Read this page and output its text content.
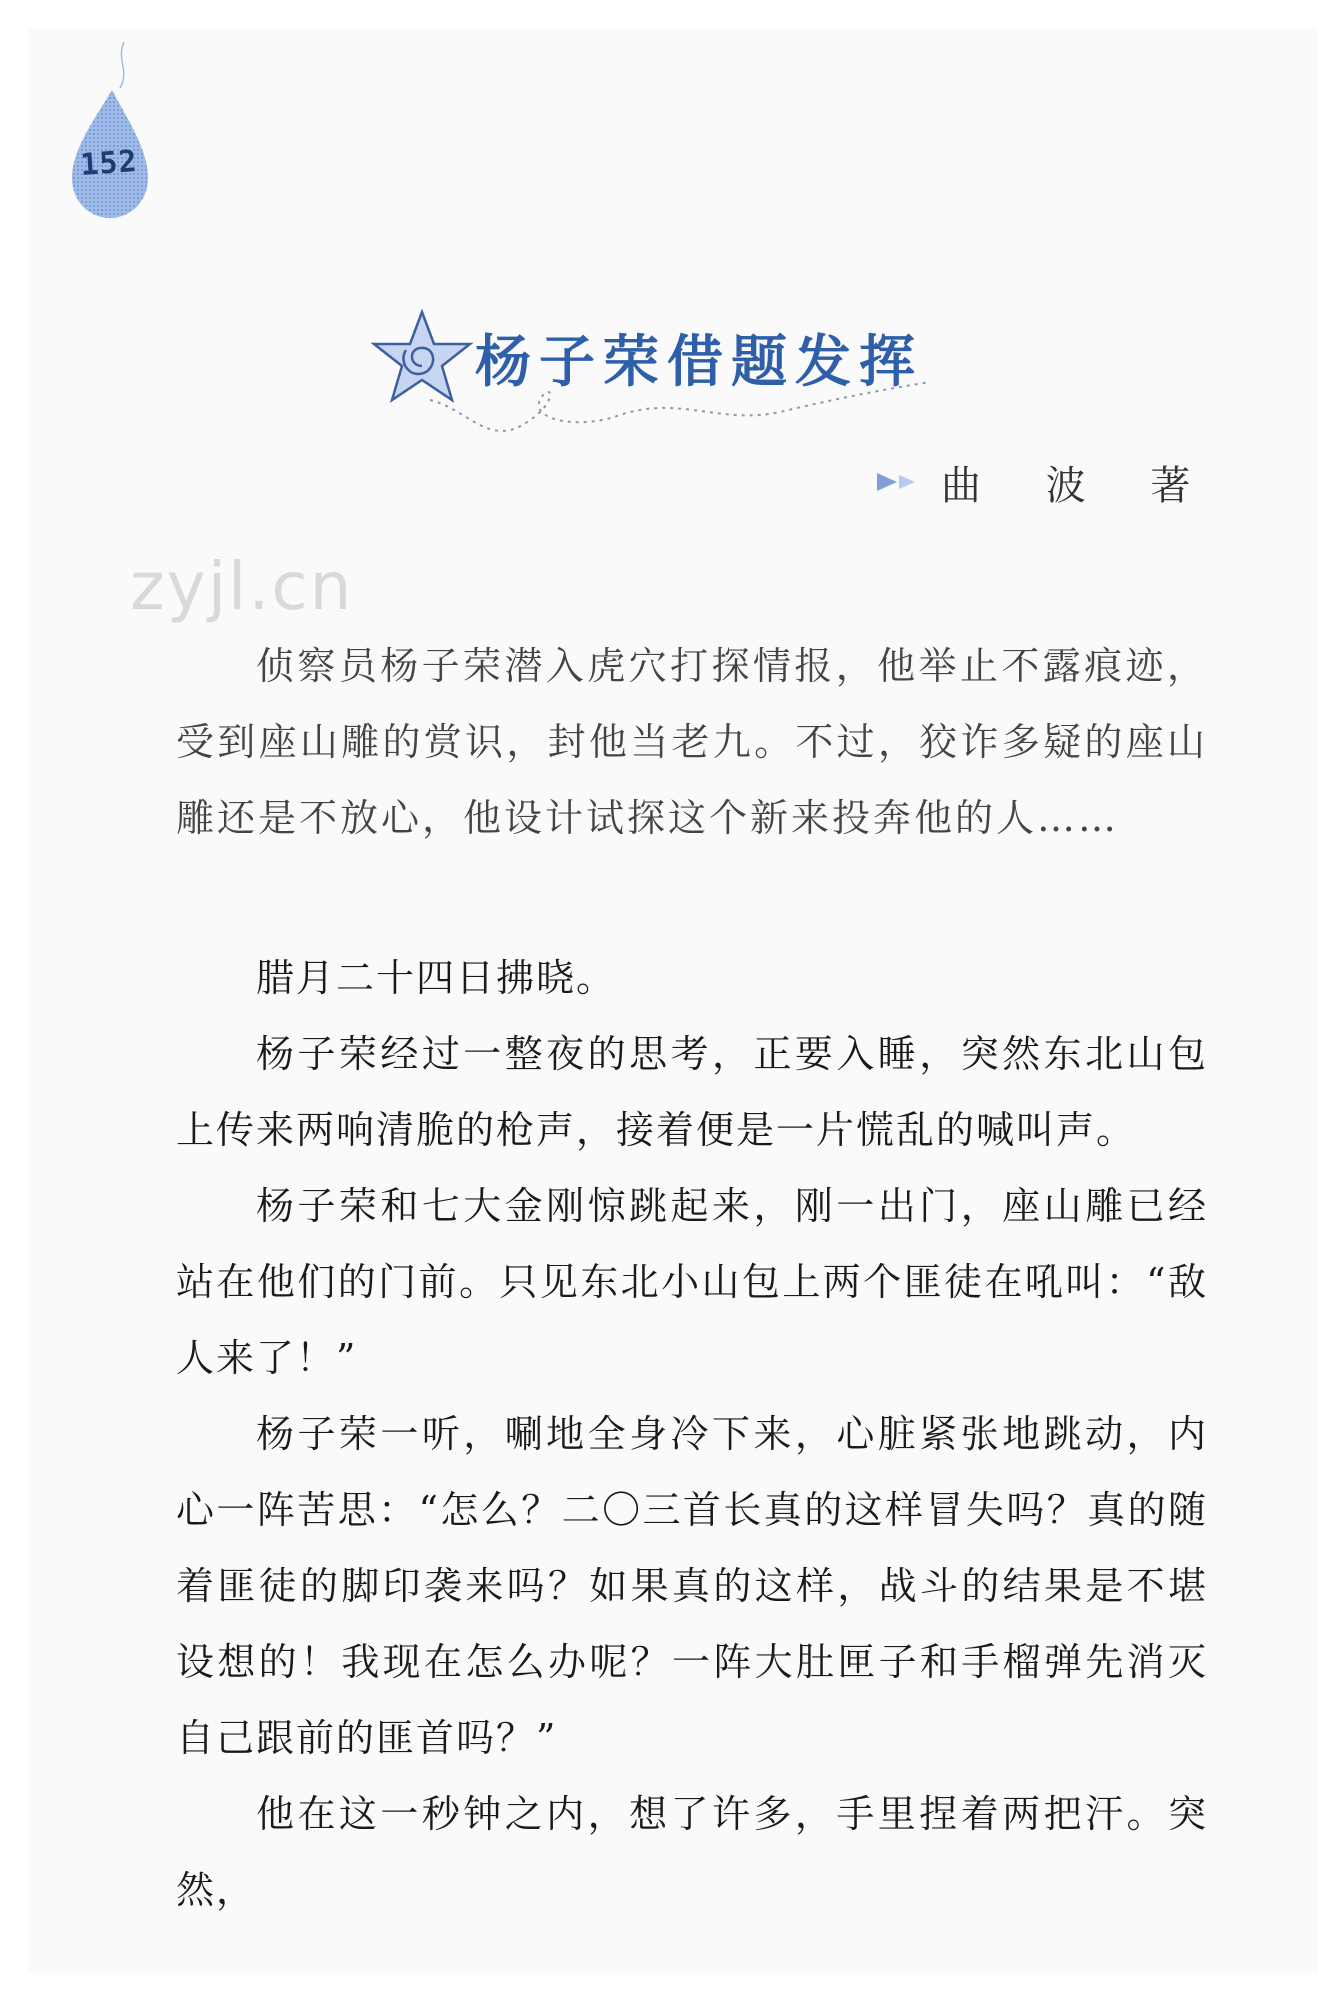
152
杨子荣借题发挥
曲 波 著
zyjl.cn

侦察员杨子荣潜入虎穴打探情报，他举止不露痕迹，受到座山雕的赏识，封他当老九。不过，狡诈多疑的座山雕还是不放心，他设计试探这个新来投奔他的人……

腊月二十四日拂晓。

杨子荣经过一整夜的思考，正要入睡，突然东北山包上传来两响清脆的枪声，接着便是一片慌乱的喊叫声。

杨子荣和七大金刚惊跳起来，刚一出门，座山雕已经站在他们的门前。只见东北小山包上两个匪徒在吼叫：“敌人来了！”

杨子荣一听，唰地全身冷下来，心脏紧张地跳动，内心一阵苦思：“怎么？二〇三首长真的这样冒失吗？真的随着匪徒的脚印袭来吗？如果真的这样，战斗的结果是不堪设想的！我现在怎么办呢？一阵大肚匣子和手榴弹先消灭自己跟前的匪首吗？”

他在这一秒钟之内，想了许多，手里捏着两把汗。突然，
